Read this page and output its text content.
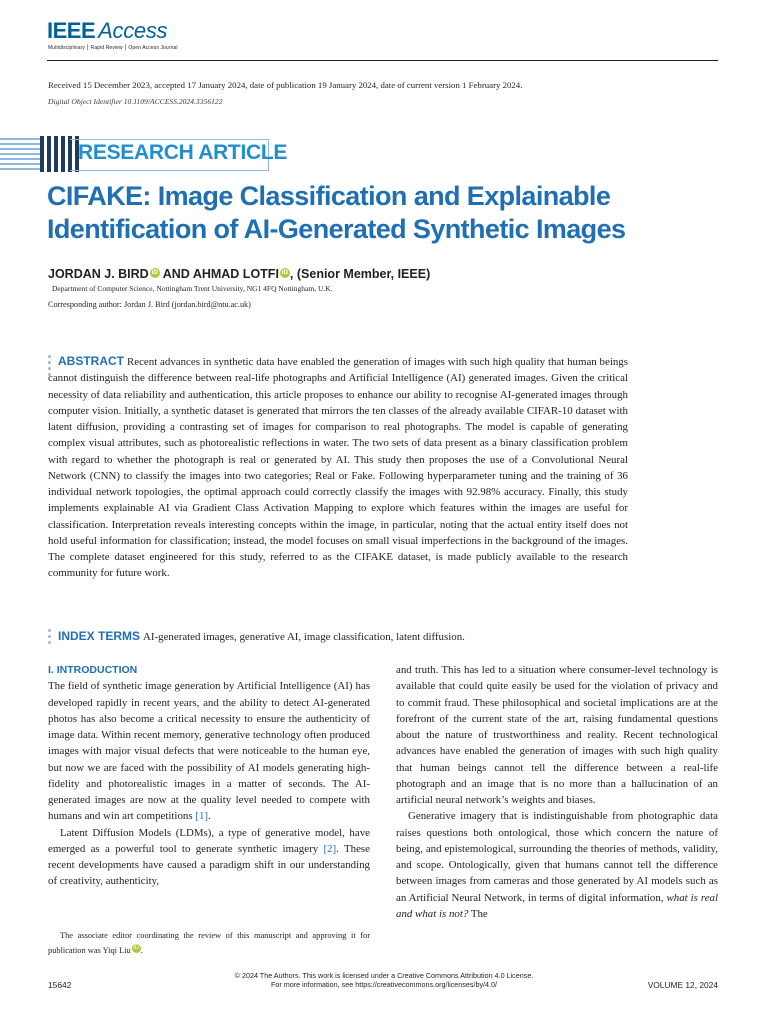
IEEE Access
Multidisciplinary ⎮ Rapid Review ⎮ Open Access Journal
Received 15 December 2023, accepted 17 January 2024, date of publication 19 January 2024, date of current version 1 February 2024.
Digital Object Identifier 10.1109/ACCESS.2024.3356122
RESEARCH ARTICLE
CIFAKE: Image Classification and Explainable
Identification of AI-Generated Synthetic Images
JORDAN J. BIRD iD AND AHMAD LOTFI iD , (Senior Member, IEEE)
Department of Computer Science, Nottingham Trent University, NG1 4FQ Nottingham, U.K.
Corresponding author: Jordan J. Bird (jordan.bird@ntu.ac.uk)
ABSTRACT Recent advances in synthetic data have enabled the generation of images with such high quality that human beings cannot distinguish the difference between real-life photographs and Artificial Intelligence (AI) generated images. Given the critical necessity of data reliability and authentication, this article proposes to enhance our ability to recognise AI-generated images through computer vision. Initially, a synthetic dataset is generated that mirrors the ten classes of the already available CIFAR-10 dataset with latent diffusion, providing a contrasting set of images for comparison to real photographs. The model is capable of generating complex visual attributes, such as photorealistic reflections in water. The two sets of data present as a binary classification problem with regard to whether the photograph is real or generated by AI. This study then proposes the use of a Convolutional Neural Network (CNN) to classify the images into two categories; Real or Fake. Following hyperparameter tuning and the training of 36 individual network topologies, the optimal approach could correctly classify the images with 92.98% accuracy. Finally, this study implements explainable AI via Gradient Class Activation Mapping to explore which features within the images are useful for classification. Interpretation reveals interesting concepts within the image, in particular, noting that the actual entity itself does not hold useful information for classification; instead, the model focuses on small visual imperfections in the background of the images. The complete dataset engineered for this study, referred to as the CIFAKE dataset, is made publicly available to the research community for future work.
INDEX TERMS AI-generated images, generative AI, image classification, latent diffusion.
I. INTRODUCTION

The field of synthetic image generation by Artificial Intelligence (AI) has developed rapidly in recent years, and the ability to detect AI-generated photos has also become a critical necessity to ensure the authenticity of image data. Within recent memory, generative technology often produced images with major visual defects that were noticeable to the human eye, but now we are faced with the possibility of AI models generating high-fidelity and photorealistic images in a matter of seconds. The AI-generated images are now at the quality level needed to compete with humans and win art competitions [1].

Latent Diffusion Models (LDMs), a type of generative model, have emerged as a powerful tool to generate synthetic imagery [2]. These recent developments have caused a paradigm shift in our understanding of creativity, authenticity,

The associate editor coordinating the review of this manuscript and approving it for publication was Yiqi Liu iD .

and truth. This has led to a situation where consumer-level technology is available that could quite easily be used for the violation of privacy and to commit fraud. These philosophical and societal implications are at the forefront of the current state of the art, raising fundamental questions about the nature of trustworthiness and reality. Recent technological advances have enabled the generation of images with such high quality that human beings cannot tell the difference between a real-life photograph and an image that is no more than a hallucination of an artificial neural network’s weights and biases.

Generative imagery that is indistinguishable from photographic data raises questions both ontological, those which concern the nature of being, and epistemological, surrounding the theories of methods, validity, and scope. Ontologically, given that humans cannot tell the difference between images from cameras and those generated by AI models such as an Artificial Neural Network, in terms of digital information, what is real and what is not? The

© 2024 The Authors. This work is licensed under a Creative Commons Attribution 4.0 License.
For more information, see https://creativecommons.org/licenses/by/4.0/
15642	VOLUME 12, 2024
